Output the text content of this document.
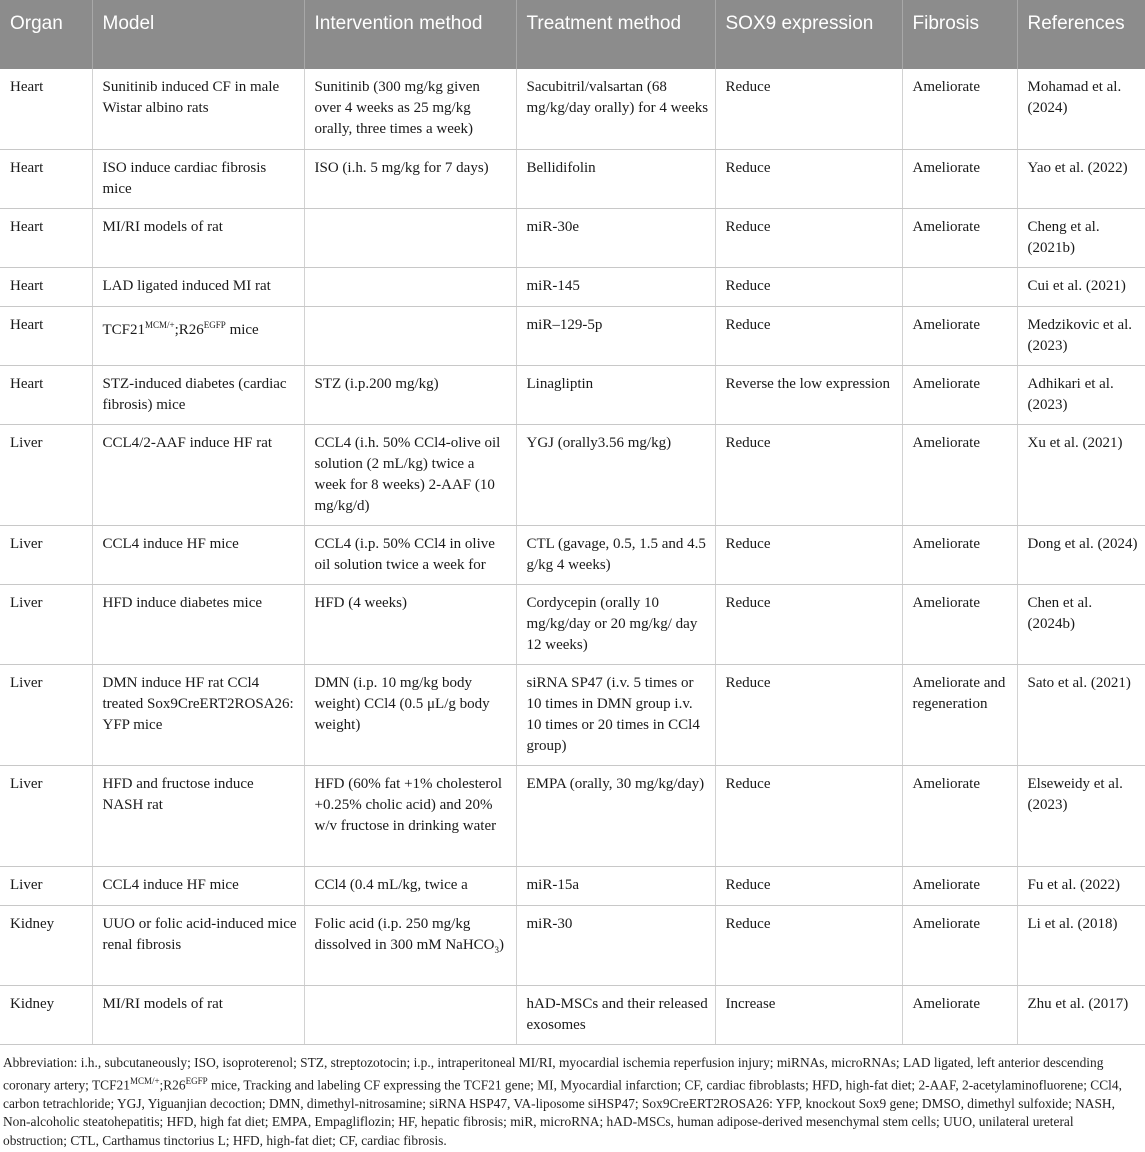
Organ	Model	Intervention method	Treatment method	SOX9 expression	Fibrosis	References
Heart	Sunitinib induced CF in male Wistar albino rats	Sunitinib (300 mg/kg given over 4 weeks as 25 mg/kg orally, three times a week)	Sacubitril/valsartan (68 mg/kg/day orally) for 4 weeks	Reduce	Ameliorate	Mohamad et al. (2024)
Heart	ISO induce cardiac fibrosis mice	ISO (i.h. 5 mg/kg for 7 days)	Bellidifolin	Reduce	Ameliorate	Yao et al. (2022)
Heart	MI/RI models of rat		miR-30e	Reduce	Ameliorate	Cheng et al. (2021b)
Heart	LAD ligated induced MI rat		miR-145	Reduce		Cui et al. (2021)
Heart	$TCF21^{MCM/+};R26^{EGFP}$ mice		miR–129-5p	Reduce	Ameliorate	Medzikovic et al. (2023)
Heart	STZ-induced diabetes (cardiac fibrosis) mice	STZ (i.p.200 mg/kg)	Linagliptin	Reverse the low expression	Ameliorate	Adhikari et al. (2023)
Liver	CCL4/2-AAF induce HF rat	CCL4 (i.h. 50% CCl4-olive oil solution (2 mL/kg) twice a week for 8 weeks) 2-AAF (10 mg/kg/d)	YGJ (orally3.56 mg/kg)	Reduce	Ameliorate	Xu et al. (2021)
Liver	CCL4 induce HF mice	CCL4 (i.p. 50% CCl4 in olive oil solution twice a week for	CTL (gavage, 0.5, 1.5 and 4.5 g/kg 4 weeks)	Reduce	Ameliorate	Dong et al. (2024)
Liver	HFD induce diabetes mice	HFD (4 weeks)	Cordycepin (orally 10 mg/kg/day or 20 mg/kg/ day 12 weeks)	Reduce	Ameliorate	Chen et al. (2024b)
Liver	DMN induce HF rat CCl4 treated Sox9CreERT2ROSA26: YFP mice	DMN (i.p. 10 mg/kg body weight) CCl4 (0.5 μL/g body weight)	siRNA SP47 (i.v. 5 times or 10 times in DMN group i.v. 10 times or 20 times in CCl4 group)	Reduce	Ameliorate and regeneration	Sato et al. (2021)
Liver	HFD and fructose induce NASH rat	HFD (60% fat +1% cholesterol +0.25% cholic acid) and 20% w/v fructose in drinking water	EMPA (orally, 30 mg/kg/day)	Reduce	Ameliorate	Elseweidy et al. (2023)
Liver	CCL4 induce HF mice	CCl4 (0.4 mL/kg, twice a	miR-15a	Reduce	Ameliorate	Fu et al. (2022)
Kidney	UUO or folic acid-induced mice renal fibrosis	Folic acid (i.p. 250 mg/kg dissolved in 300 mM NaHCO$_3$)	miR-30	Reduce	Ameliorate	Li et al. (2018)
Kidney	MI/RI models of rat		hAD-MSCs and their released exosomes	Increase	Ameliorate	Zhu et al. (2017)
Abbreviation: i.h., subcutaneously; ISO, isoproterenol; STZ, streptozotocin; i.p., intraperitoneal MI/RI, myocardial ischemia reperfusion injury; miRNAs, microRNAs; LAD ligated, left anterior descending coronary artery; $TCF21^{MCM/+};R26^{EGFP}$ mice, Tracking and labeling CF expressing the TCF21 gene; MI, Myocardial infarction; CF, cardiac fibroblasts; HFD, high-fat diet; 2-AAF, 2-acetylaminofluorene; CCl4, carbon tetrachloride; YGJ, Yiguanjian decoction; DMN, dimethyl-nitrosamine; siRNA HSP47, VA-liposome siHSP47; Sox9CreERT2ROSA26: YFP, knockout Sox9 gene; DMSO, dimethyl sulfoxide; NASH, Non-alcoholic steatohepatitis; HFD, high fat diet; EMPA, Empagliflozin; HF, hepatic fibrosis; miR, microRNA; hAD-MSCs, human adipose-derived mesenchymal stem cells; UUO, unilateral ureteral obstruction; CTL, Carthamus tinctorius L; HFD, high-fat diet; CF, cardiac fibrosis.
